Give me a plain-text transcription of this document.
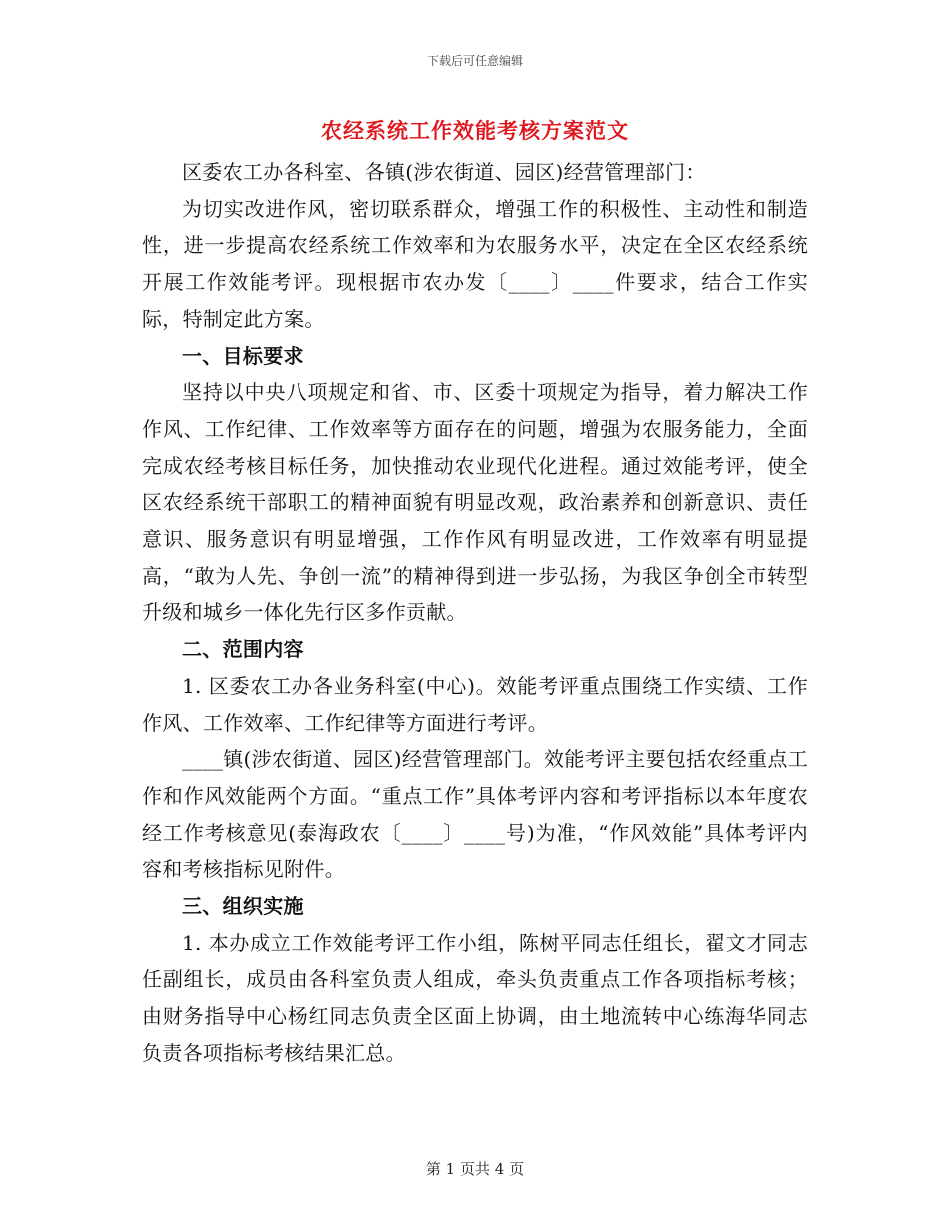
下载后可任意编辑
农经系统工作效能考核方案范文

区委农工办各科室、各镇(涉农街道、园区)经营管理部门：

为切实改进作风，密切联系群众，增强工作的积极性、主动性和制造性，进一步提高农经系统工作效率和为农服务水平，决定在全区农经系统开展工作效能考评。现根据市农办发〔____〕____件要求，结合工作实际，特制定此方案。

一、目标要求

坚持以中央八项规定和省、市、区委十项规定为指导，着力解决工作作风、工作纪律、工作效率等方面存在的问题，增强为农服务能力，全面完成农经考核目标任务，加快推动农业现代化进程。通过效能考评，使全区农经系统干部职工的精神面貌有明显改观，政治素养和创新意识、责任意识、服务意识有明显增强，工作作风有明显改进，工作效率有明显提高，“敢为人先、争创一流”的精神得到进一步弘扬，为我区争创全市转型升级和城乡一体化先行区多作贡献。

二、范围内容

1. 区委农工办各业务科室(中心)。效能考评重点围绕工作实绩、工作作风、工作效率、工作纪律等方面进行考评。

____镇(涉农街道、园区)经营管理部门。效能考评主要包括农经重点工作和作风效能两个方面。“重点工作”具体考评内容和考评指标以本年度农经工作考核意见(泰海政农〔____〕____号)为准，“作风效能”具体考评内容和考核指标见附件。

三、组织实施

1. 本办成立工作效能考评工作小组，陈树平同志任组长，翟文才同志任副组长，成员由各科室负责人组成，牵头负责重点工作各项指标考核；由财务指导中心杨红同志负责全区面上协调，由土地流转中心练海华同志负责各项指标考核结果汇总。

第 1 页共 4 页
